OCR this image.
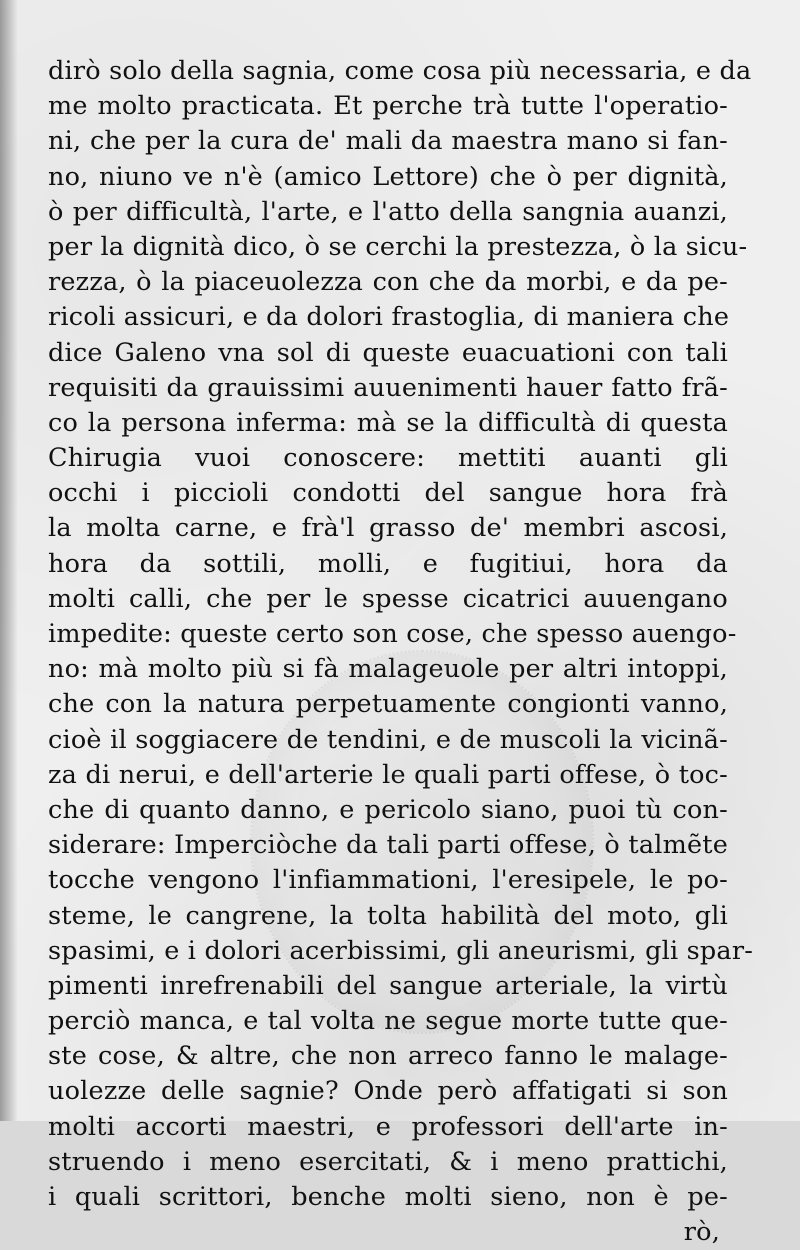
dirò solo della sagnia, come cosa più necessaria, e da
me molto practicata. Et perche trà tutte l'operatio-
ni, che per la cura de' mali da maestra mano si fan-
no, niuno ve n'è (amico Lettore) che ò per dignità,
ò per difficultà, l'arte, e l'atto della sangnia auanzi,
per la dignità dico, ò se cerchi la prestezza, ò la sicu-
rezza, ò la piaceuolezza con che da morbi, e da pe-
ricoli assicuri, e da dolori frastoglia, di maniera che
dice Galeno vna sol di queste euacuationi con tali
requisiti da grauissimi auuenimenti hauer fatto frã-
co la persona inferma: mà se la difficultà di questa
Chirugia vuoi conoscere: mettiti auanti gli
occhi i piccioli condotti del sangue hora frà
la molta carne, e frà'l grasso de' membri ascosi,
hora da sottili, molli, e fugitiui, hora da
molti calli, che per le spesse cicatrici auuengano
impedite: queste certo son cose, che spesso auengo-
no: mà molto più si fà malageuole per altri intoppi,
che con la natura perpetuamente congionti vanno,
cioè il soggiacere de tendini, e de muscoli la vicinã-
za di nerui, e dell'arterie le quali parti offese, ò toc-
che di quanto danno, e pericolo siano, puoi tù con-
siderare: Imperciòche da tali parti offese, ò talmẽte
tocche vengono l'infiammationi, l'eresipele, le po-
steme, le cangrene, la tolta habilità del moto, gli
spasimi, e i dolori acerbissimi, gli aneurismi, gli spar-
pimenti inrefrenabili del sangue arteriale, la virtù
perciò manca, e tal volta ne segue morte tutte que-
ste cose, & altre, che non arreco fanno le malage-
uolezze delle sagnie? Onde però affatigati si son
molti accorti maestri, e professori dell'arte in-
struendo i meno esercitati, & i meno prattichi,
i quali scrittori, benche molti sieno, non è pe-
rò,
